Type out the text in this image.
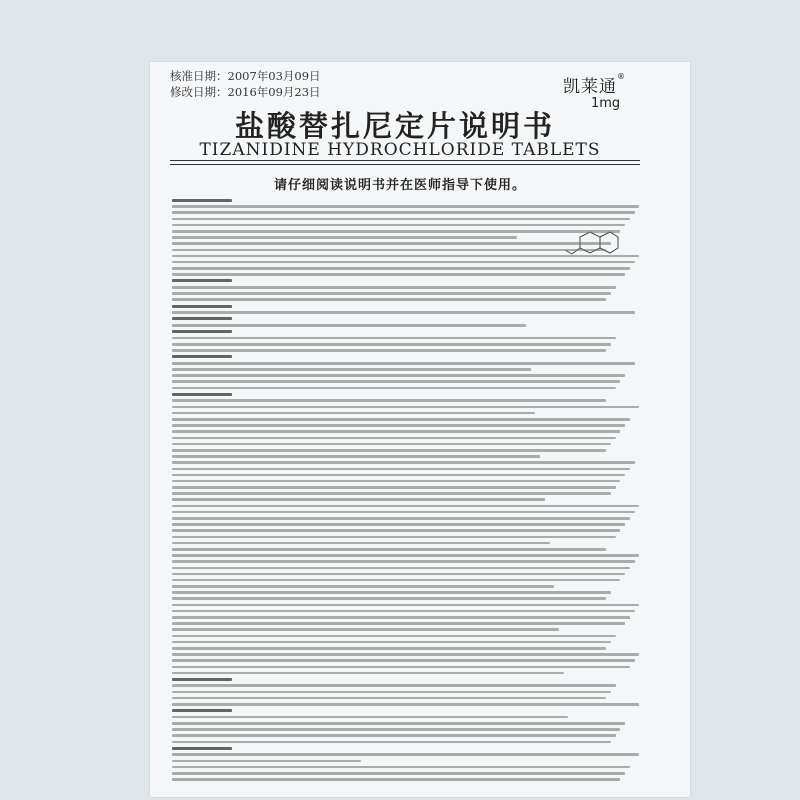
核准日期：2007年03月09日
修改日期：2016年09月23日	凯莱通®
1mg
盐酸替扎尼定片说明书
TIZANIDINE HYDROCHLORIDE TABLETS
请仔细阅读说明书并在医师指导下使用。
